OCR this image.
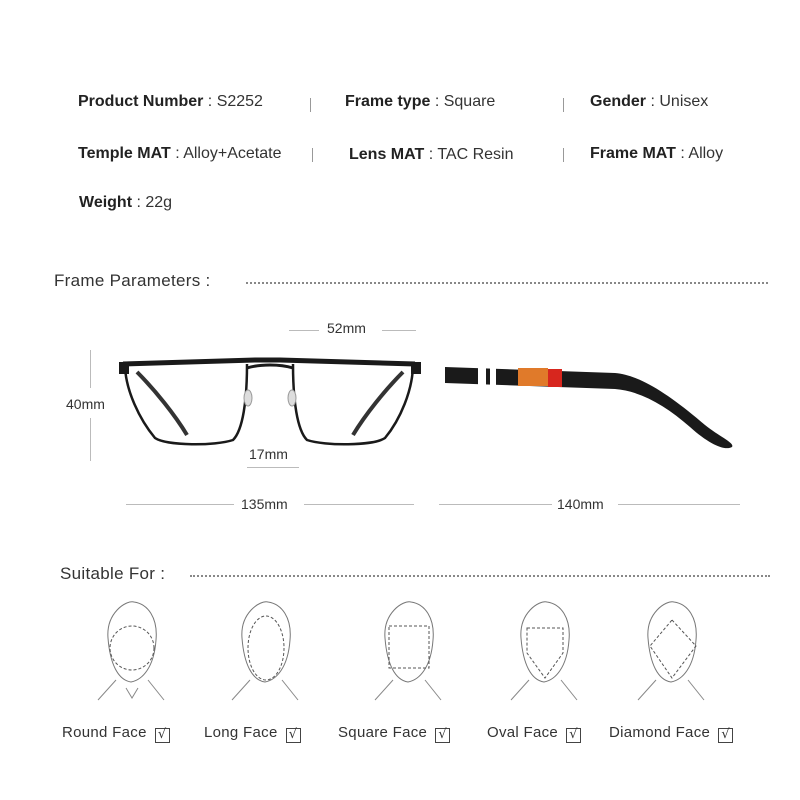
Product Number : S2252	Frame type : Square	Gender : Unisex
Temple MAT : Alloy+Acetate	Lens MAT : TAC Resin	Frame MAT : Alloy
Weight : 22g
Frame Parameters :
52mm
40mm
17mm
135mm	140mm
Suitable For :
Round Face √ Long Face √	Square Face √	Oval Face √ Diamond Face √
